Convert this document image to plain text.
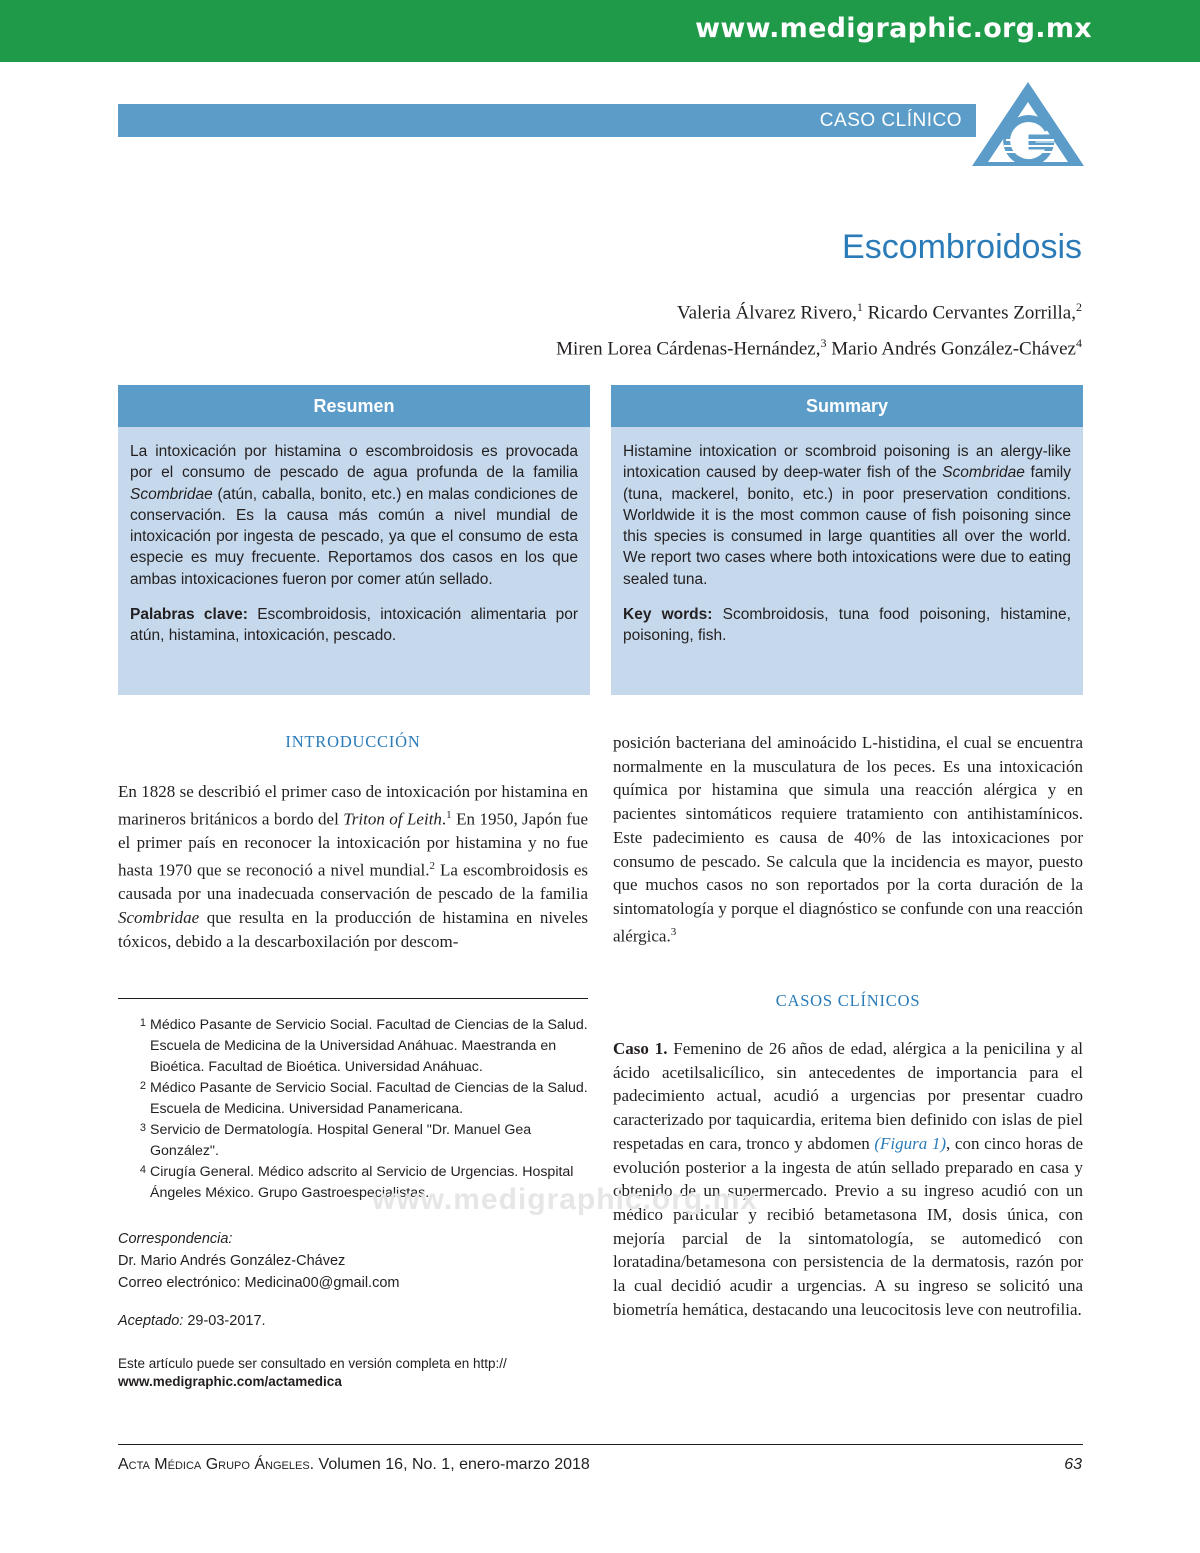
www.medigraphic.org.mx
CASO CLÍNICO
Escombroidosis
Valeria Álvarez Rivero,$^1$ Ricardo Cervantes Zorrilla,$^2$
Miren Lorea Cárdenas-Hernández,$^3$ Mario Andrés González-Chávez$^4$
Resumen

La intoxicación por histamina o escombroidosis es provocada por el consumo de pescado de agua profunda de la familia Scombridae (atún, caballa, bonito, etc.) en malas condiciones de conservación. Es la causa más común a nivel mundial de intoxicación por ingesta de pescado, ya que el consumo de esta especie es muy frecuente. Reportamos dos casos en los que ambas intoxicaciones fueron por comer atún sellado.

Palabras clave: Escombroidosis, intoxicación alimentaria por atún, histamina, intoxicación, pescado.

Summary

Histamine intoxication or scombroid poisoning is an alergy-like intoxication caused by deep-water fish of the Scombridae family (tuna, mackerel, bonito, etc.) in poor preservation conditions. Worldwide it is the most common cause of fish poisoning since this species is consumed in large quantities all over the world. We report two cases where both intoxications were due to eating sealed tuna.

Key words: Scombroidosis, tuna food poisoning, histamine, poisoning, fish.

INTRODUCCIÓN

En 1828 se describió el primer caso de intoxicación por histamina en marineros británicos a bordo del Triton of Leith.$^1$ En 1950, Japón fue el primer país en reconocer la intoxicación por histamina y no fue hasta 1970 que se reconoció a nivel mundial.$^2$ La escombroidosis es causada por una inadecuada conservación de pescado de la familia Scombridae que resulta en la producción de histamina en niveles tóxicos, debido a la descarboxilación por descom-

posición bacteriana del aminoácido L-histidina, el cual se encuentra normalmente en la musculatura de los peces. Es una intoxicación química por histamina que simula una reacción alérgica y en pacientes sintomáticos requiere tratamiento con antihistamínicos. Este padecimiento es causa de 40% de las intoxicaciones por consumo de pescado. Se calcula que la incidencia es mayor, puesto que muchos casos no son reportados por la corta duración de la sintomatología y porque el diagnóstico se confunde con una reacción alérgica.$^3$

CASOS CLÍNICOS

Caso 1. Femenino de 26 años de edad, alérgica a la penicilina y al ácido acetilsalicílico, sin antecedentes de importancia para el padecimiento actual, acudió a urgencias por presentar cuadro caracterizado por taquicardia, eritema bien definido con islas de piel respetadas en cara, tronco y abdomen (Figura 1), con cinco horas de evolución posterior a la ingesta de atún sellado preparado en casa y obtenido de un supermercado. Previo a su ingreso acudió con un médico particular y recibió betametasona IM, dosis única, con mejoría parcial de la sintomatología, se automedicó con loratadina/betamesona con persistencia de la dermatosis, razón por la cual decidió acudir a urgencias. A su ingreso se solicitó una biometría hemática, destacando una leucocitosis leve con neutrofilia.

1 Médico Pasante de Servicio Social. Facultad de Ciencias de la Salud. Escuela de Medicina de la Universidad Anáhuac. Maestranda en Bioética. Facultad de Bioética. Universidad Anáhuac.
2 Médico Pasante de Servicio Social. Facultad de Ciencias de la Salud. Escuela de Medicina. Universidad Panamericana.
3 Servicio de Dermatología. Hospital General "Dr. Manuel Gea González".
4 Cirugía General. Médico adscrito al Servicio de Urgencias. Hospital Ángeles México. Grupo Gastroespecialistas.
www.medigraphic.org.mx
Correspondencia:
Dr. Mario Andrés González-Chávez
Correo electrónico: Medicina00@gmail.com
Aceptado: 29-03-2017.
Este artículo puede ser consultado en versión completa en http://
www.medigraphic.com/actamedica
Acta Médica Grupo Ángeles. Volumen 16, No. 1, enero-marzo 2018	63
